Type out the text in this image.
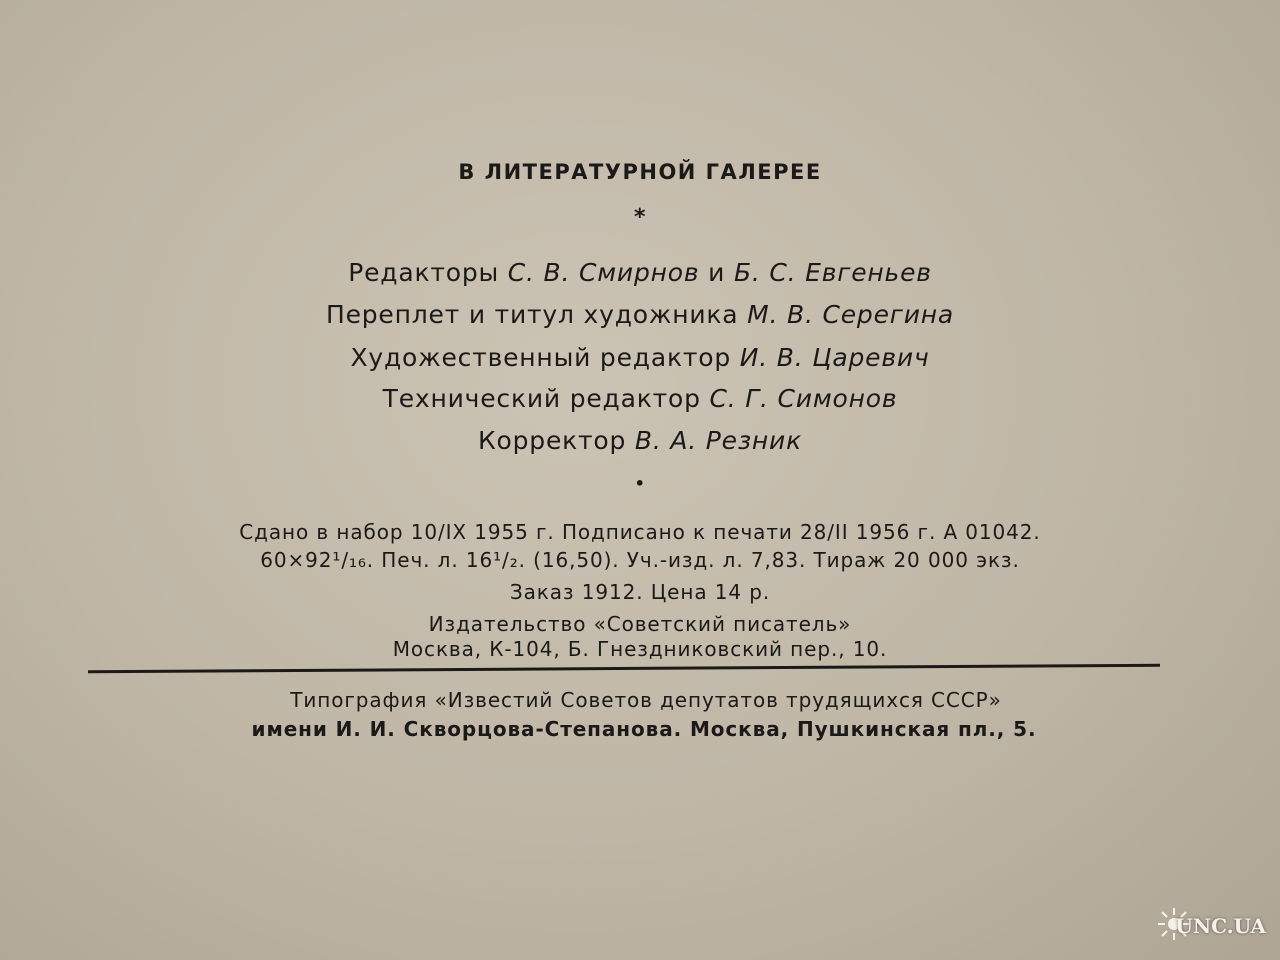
В ЛИТЕРАТУРНОЙ ГАЛЕРЕЕ
*
Редакторы С. В. Смирнов и Б. С. Евгеньев
Переплет и титул художника М. В. Серегина
Художественный редактор И. В. Царевич
Технический редактор С. Г. Симонов
Корректор В. А. Резник
•
Сдано в набор 10/IX 1955 г. Подписано к печати 28/II 1956 г. А 01042.
60×92¹/₁₆. Печ. л. 16¹/₂. (16,50). Уч.-изд. л. 7,83. Тираж 20 000 экз.
Заказ 1912. Цена 14 р.
Издательство «Советский писатель»
Москва, К-104, Б. Гнездниковский пер., 10.
Типография «Известий Советов депутатов трудящихся СССР»
имени И. И. Скворцова-Степанова. Москва, Пушкинская пл., 5.
UNC.UA
